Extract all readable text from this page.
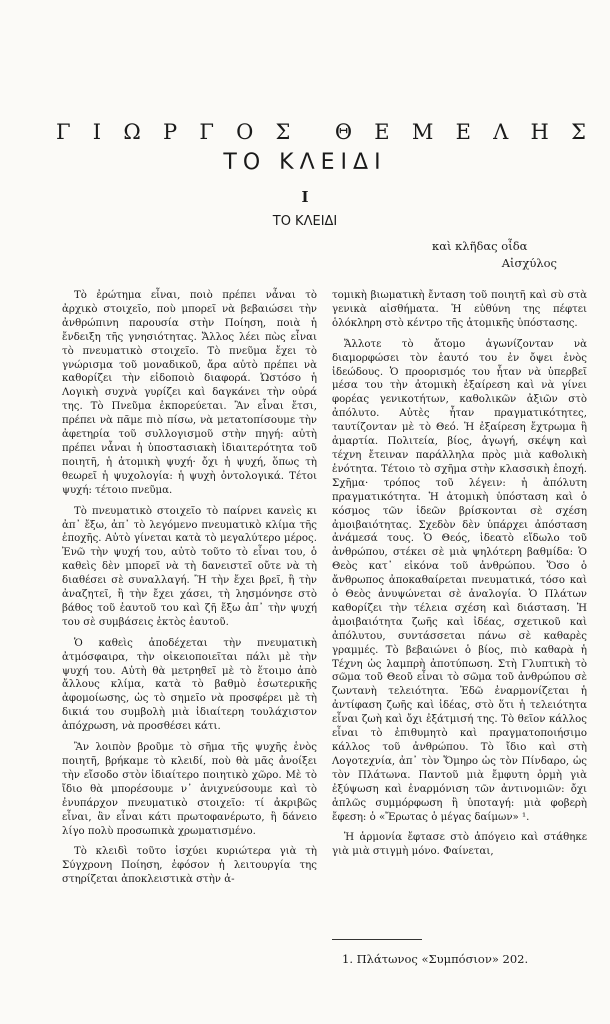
Γ Ι Ω Ρ Γ Ο Σ Θ Ε Μ Ε Λ Η Σ
ΤΟ ΚΛΕΙΔΙ
I
ΤΟ ΚΛΕΙΔΙ
καὶ κλῆδας οἶδα
Αἰσχύλος

Τὸ ἐρώτημα εἶναι, ποιὸ πρέπει νἆναι τὸ ἀρχικὸ στοιχεῖο, ποὺ μπορεῖ νὰ βεβαιώσει τὴν ἀνθρώπινη παρουσία στὴν Ποίηση, ποιὰ ἡ ἔνδειξη τῆς γνησιότητας. Ἄλλος λέει πὼς εἶναι τὸ πνευματικὸ στοιχεῖο. Τὸ πνεῦμα ἔχει τὸ γνώρισμα τοῦ μοναδικοῦ, ἄρα αὐτὸ πρέπει νὰ καθορίζει τὴν εἰδοποιὸ διαφορά. Ὡστόσο ἡ Λογικὴ συχνὰ γυρίζει καὶ δαγκάνει τὴν οὐρά της. Τὸ Πνεῦμα ἐκπορεύεται. Ἂν εἶναι ἔτσι, πρέπει νὰ πᾶμε πιὸ πίσω, νὰ μετατοπίσουμε τὴν ἀφετηρία τοῦ συλλογισμοῦ στὴν πηγή: αὐτὴ πρέπει νἆναι ἡ ὑποστασιακὴ ἰδιαιτερότητα τοῦ ποιητῆ, ἡ ἀτομικὴ ψυχή· ὄχι ἡ ψυχή, ὅπως τὴ θεωρεῖ ἡ ψυχολογία: ἡ ψυχὴ ὀντολογικά. Τέτοι ψυχή: τέτοιο πνεῦμα.

Τὸ πνευματικὸ στοιχεῖο τὸ παίρνει κανεὶς κι ἀπ᾽ ἔξω, ἀπ᾽ τὸ λεγόμενο πνευματικὸ κλίμα τῆς ἐποχῆς. Αὐτὸ γίνεται κατὰ τὸ μεγαλύτερο μέρος. Ἐνῶ τὴν ψυχή του, αὐτὸ τοῦτο τὸ εἶναι του, ὁ καθεὶς δὲν μπορεῖ νὰ τὴ δανειστεῖ οὔτε νὰ τὴ διαθέσει σὲ συναλλαγή. Ἢ τὴν ἔχει βρεῖ, ἢ τὴν ἀναζητεῖ, ἢ τὴν ἔχει χάσει, τὴ λησμόνησε στὸ βάθος τοῦ ἑαυτοῦ του καὶ ζῆ ἔξω ἀπ᾽ τὴν ψυχή του σὲ συμβάσεις ἐκτὸς ἑαυτοῦ.

Ὁ καθεὶς ἀποδέχεται τὴν πνευματικὴ ἀτμόσφαιρα, τὴν οἰκειοποιεῖται πάλι μὲ τὴν ψυχή του. Αὐτὴ θὰ μετρηθεῖ μὲ τὸ ἕτοιμο ἀπὸ ἄλλους κλίμα, κατὰ τὸ βαθμὸ ἐσωτερικῆς ἀφομοίωσης, ὡς τὸ σημεῖο νὰ προσφέρει μὲ τὴ δικιά του συμβολὴ μιὰ ἰδιαίτερη τουλάχιστον ἀπόχρωση, νὰ προσθέσει κάτι.

Ἂν λοιπὸν βροῦμε τὸ σῆμα τῆς ψυχῆς ἑνὸς ποιητῆ, βρήκαμε τὸ κλειδί, ποὺ θὰ μᾶς ἀνοίξει τὴν εἴσοδο στὸν ἰδιαίτερο ποιητικὸ χῶρο. Μὲ τὸ ἴδιο θὰ μπορέσουμε ν᾽ ἀνιχνεύσουμε καὶ τὸ ἐνυπάρχον πνευματικὸ στοιχεῖο: τί ἀκριβῶς εἶναι, ἂν εἶναι κάτι πρωτοφανέρωτο, ἢ δάνειο λίγο πολὺ προσωπικὰ χρωματισμένο.

Τὸ κλειδὶ τοῦτο ἰσχύει κυριώτερα γιὰ τὴ Σύγχρονη Ποίηση, ἐφόσον ἡ λειτουργία της στηρίζεται ἀποκλειστικὰ στὴν ἀ-

τομικὴ βιωματικὴ ἔνταση τοῦ ποιητῆ καὶ σὺ στὰ γενικὰ αἰσθήματα. Ἡ εὐθύνη της πέφτει ὁλόκληρη στὸ κέντρο τῆς ἀτομικῆς ὑπόστασης.

Ἄλλοτε τὸ ἄτομο ἀγωνίζονταν νὰ διαμορφώσει τὸν ἑαυτό του ἐν ὄψει ἑνὸς ἰδεώδους. Ὁ προορισμός του ἦταν νὰ ὑπερβεῖ μέσα του τὴν ἀτομικὴ ἐξαίρεση καὶ νὰ γίνει φορέας γενικοτήτων, καθολικῶν ἀξιῶν στὸ ἀπόλυτο. Αὐτὲς ἦταν πραγματικότητες, ταυτίζονταν μὲ τὸ Θεό. Ἡ ἐξαίρεση ἔχτρωμα ἢ ἁμαρτία. Πολιτεία, βίος, ἀγωγή, σκέψη καὶ τέχνη ἔτειναν παράλληλα πρὸς μιὰ καθολικὴ ἑνότητα. Τέτοιο τὸ σχῆμα στὴν κλασσικὴ ἐποχή. Σχῆμα· τρόπος τοῦ λέγειν: ἡ ἀπόλυτη πραγματικότητα. Ἡ ἀτομικὴ ὑπόσταση καὶ ὁ κόσμος τῶν ἰδεῶν βρίσκονται σὲ σχέση ἀμοιβαιότητας. Σχεδὸν δὲν ὑπάρχει ἀπόσταση ἀνάμεσά τους. Ὁ Θεός, ἰδεατὸ εἴδωλο τοῦ ἀνθρώπου, στέκει σὲ μιὰ ψηλότερη βαθμίδα: Ὁ Θεὸς κατ᾽ εἰκόνα τοῦ ἀνθρώπου. Ὅσο ὁ ἄνθρωπος ἀποκαθαίρεται πνευματικά, τόσο καὶ ὁ Θεὸς ἀνυψώνεται σὲ ἀναλογία. Ὁ Πλάτων καθορίζει τὴν τέλεια σχέση καὶ διάσταση. Ἡ ἀμοιβαιότητα ζωῆς καὶ ἰδέας, σχετικοῦ καὶ ἀπόλυτου, συντάσσεται πάνω σὲ καθαρὲς γραμμές. Τὸ βεβαιώνει ὁ βίος, πιὸ καθαρὰ ἡ Τέχνη ὡς λαμπρὴ ἀποτύπωση. Στὴ Γλυπτικὴ τὸ σῶμα τοῦ Θεοῦ εἶναι τὸ σῶμα τοῦ ἀνθρώπου σὲ ζωντανὴ τελειότητα. Ἐδῶ ἐναρμονίζεται ἡ ἀντίφαση ζωῆς καὶ ἰδέας, στὸ ὅτι ἡ τελειότητα εἶναι ζωὴ καὶ ὄχι ἐξάτμισή της. Τὸ θεῖον κάλλος εἶναι τὸ ἐπιθυμητὸ καὶ πραγματοποιήσιμο κάλλος τοῦ ἀνθρώπου. Τὸ ἴδιο καὶ στὴ Λογοτεχνία, ἀπ᾽ τὸν Ὅμηρο ὡς τὸν Πίνδαρο, ὡς τὸν Πλάτωνα. Παντοῦ μιὰ ἔμφυτη ὁρμὴ γιὰ ἐξύψωση καὶ ἐναρμόνιση τῶν ἀντινομιῶν: ὄχι ἁπλῶς συμμόρφωση ἢ ὑποταγή: μιὰ φοβερὴ ἔφεση: ὁ «Ἔρωτας ὁ μέγας δαίμων» ¹.

Ἡ ἁρμονία ἔφτασε στὸ ἀπόγειο καὶ στάθηκε γιὰ μιὰ στιγμὴ μόνο. Φαίνεται,

1. Πλάτωνος «Συμπόσιον» 202.
